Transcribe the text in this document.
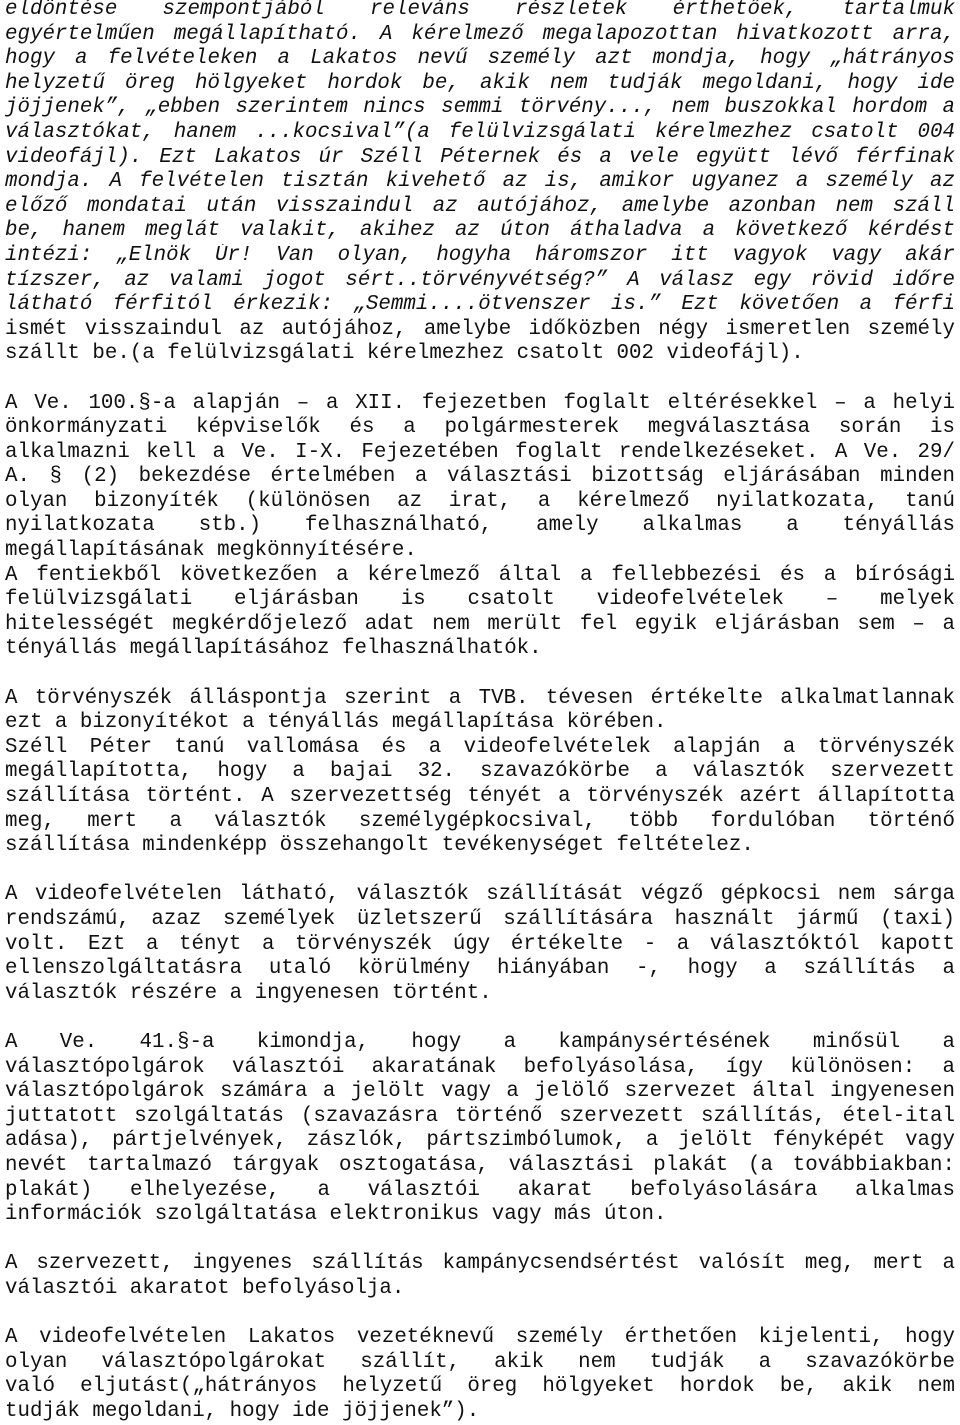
eldöntése szempontjából releváns részletek érthetőek, tartalmuk
egyértelműen megállapítható. A kérelmező megalapozottan hivatkozott arra,
hogy a felvételeken a Lakatos nevű személy azt mondja, hogy „hátrányos
helyzetű öreg hölgyeket hordok be, akik nem tudják megoldani, hogy ide
jöjjenek”, „ebben szerintem nincs semmi törvény..., nem buszokkal hordom a
választókat, hanem ...kocsival”(a felülvizsgálati kérelmezhez csatolt 004
videofájl). Ezt Lakatos úr Széll Péternek és a vele együtt lévő férfinak
mondja. A felvételen tisztán kivehető az is, amikor ugyanez a személy az
előző mondatai után visszaindul az autójához, amelybe azonban nem száll
be, hanem meglát valakit, akihez az úton áthaladva a következő kérdést
intézi: „Elnök Úr! Van olyan, hogyha háromszor itt vagyok vagy akár
tízszer, az valami jogot sért..törvényvétség?” A válasz egy rövid időre
látható férfitól érkezik: „Semmi....ötvenszer is.” Ezt követően a férfi
ismét visszaindul az autójához, amelybe időközben négy ismeretlen személy
szállt be.(a felülvizsgálati kérelmezhez csatolt 002 videofájl).
A Ve. 100.§-a alapján – a XII. fejezetben foglalt eltérésekkel – a helyi
önkormányzati képviselők és a polgármesterek megválasztása során is
alkalmazni kell a Ve. I-X. Fejezetében foglalt rendelkezéseket. A Ve. 29/
A. § (2) bekezdése értelmében a választási bizottság eljárásában minden
olyan bizonyíték (különösen az irat, a kérelmező nyilatkozata, tanú
nyilatkozata stb.) felhasználható, amely alkalmas a tényállás
megállapításának megkönnyítésére.
A fentiekből következően a kérelmező által a fellebbezési és a bírósági
felülvizsgálati eljárásban is csatolt videofelvételek – melyek
hitelességét megkérdőjelező adat nem merült fel egyik eljárásban sem – a
tényállás megállapításához felhasználhatók.
A törvényszék álláspontja szerint a TVB. tévesen értékelte alkalmatlannak
ezt a bizonyítékot a tényállás megállapítása körében.
Széll Péter tanú vallomása és a videofelvételek alapján a törvényszék
megállapította, hogy a bajai 32. szavazókörbe a választók szervezett
szállítása történt. A szervezettség tényét a törvényszék azért állapította
meg, mert a választók személygépkocsival, több fordulóban történő
szállítása mindenképp összehangolt tevékenységet feltételez.
A videofelvételen látható, választók szállítását végző gépkocsi nem sárga
rendszámú, azaz személyek üzletszerű szállítására használt jármű (taxi)
volt. Ezt a tényt a törvényszék úgy értékelte - a választóktól kapott
ellenszolgáltatásra utaló körülmény hiányában -, hogy a szállítás a
választók részére a ingyenesen történt.
A Ve. 41.§-a kimondja, hogy a kampánysértésének minősül a
választópolgárok választói akaratának befolyásolása, így különösen: a
választópolgárok számára a jelölt vagy a jelölő szervezet által ingyenesen
juttatott szolgáltatás (szavazásra történő szervezett szállítás, étel-ital
adása), pártjelvények, zászlók, pártszimbólumok, a jelölt fényképét vagy
nevét tartalmazó tárgyak osztogatása, választási plakát (a továbbiakban:
plakát) elhelyezése, a választói akarat befolyásolására alkalmas
információk szolgáltatása elektronikus vagy más úton.
A szervezett, ingyenes szállítás kampánycsendsértést valósít meg, mert a
választói akaratot befolyásolja.
A videofelvételen Lakatos vezetéknevű személy érthetően kijelenti, hogy
olyan választópolgárokat szállít, akik nem tudják a szavazókörbe
való eljutást(„hátrányos helyzetű öreg hölgyeket hordok be, akik nem
tudják megoldani, hogy ide jöjjenek”).
